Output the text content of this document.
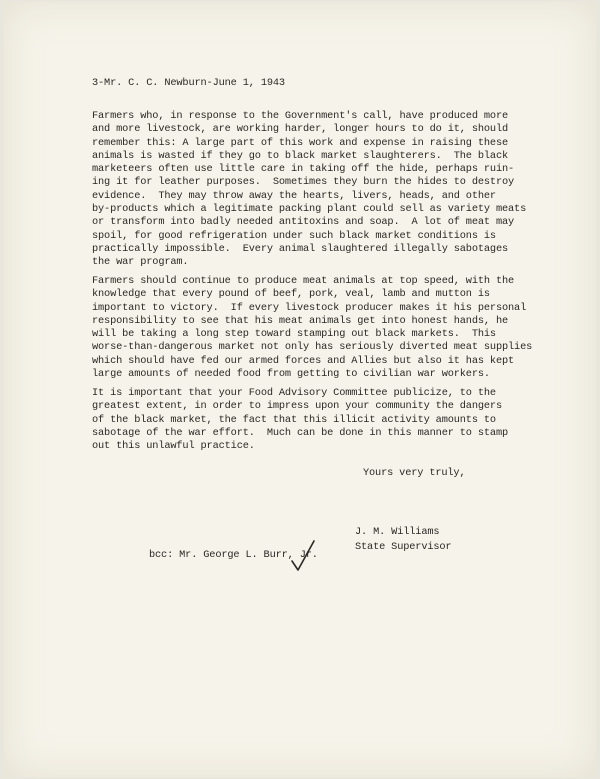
3-Mr. C. C. Newburn-June 1, 1943
Farmers who, in response to the Government's call, have produced more
and more livestock, are working harder, longer hours to do it, should
remember this: A large part of this work and expense in raising these
animals is wasted if they go to black market slaughterers.  The black
marketeers often use little care in taking off the hide, perhaps ruin-
ing it for leather purposes.  Sometimes they burn the hides to destroy
evidence.  They may throw away the hearts, livers, heads, and other
by-products which a legitimate packing plant could sell as variety meats
or transform into badly needed antitoxins and soap.  A lot of meat may
spoil, for good refrigeration under such black market conditions is
practically impossible.  Every animal slaughtered illegally sabotages
the war program.
Farmers should continue to produce meat animals at top speed, with the
knowledge that every pound of beef, pork, veal, lamb and mutton is
important to victory.  If every livestock producer makes it his personal
responsibility to see that his meat animals get into honest hands, he
will be taking a long step toward stamping out black markets.  This
worse-than-dangerous market not only has seriously diverted meat supplies
which should have fed our armed forces and Allies but also it has kept
large amounts of needed food from getting to civilian war workers.
It is important that your Food Advisory Committee publicize, to the
greatest extent, in order to impress upon your community the dangers
of the black market, the fact that this illicit activity amounts to
sabotage of the war effort.  Much can be done in this manner to stamp
out this unlawful practice.
Yours very truly,
J. M. Williams
State Supervisor
bcc: Mr. George L. Burr, Jr.
